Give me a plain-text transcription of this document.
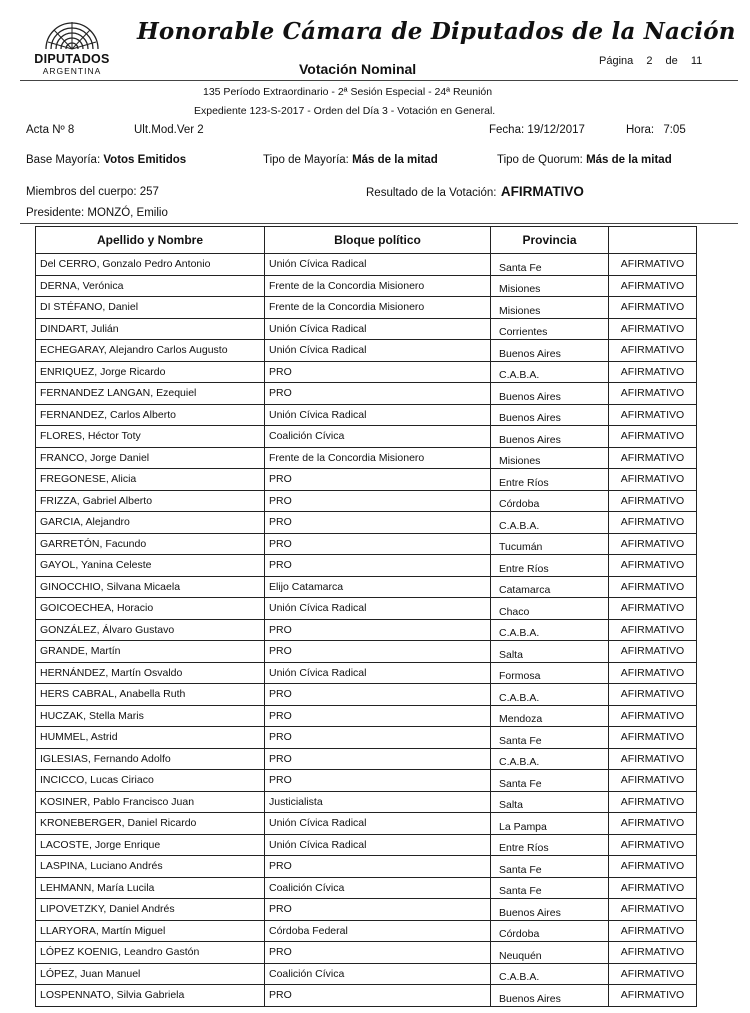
DIPUTADOS
ARGENTINA
Honorable Cámara de Diputados de la Nación
Votación Nominal	Página 2 de 11
135 Período Extraordinario - 2ª Sesión Especial - 24ª Reunión
Expediente 123-S-2017 - Orden del Día 3 - Votación en General.
Acta Nº 8	Ult.Mod.Ver 2	Fecha: 19/12/2017	Hora: 7:05
Base Mayoría: Votos Emitidos	Tipo de Mayoría: Más de la mitad	Tipo de Quorum: Más de la mitad
Miembros del cuerpo: 257	Resultado de la Votación: AFIRMATIVO
Presidente: MONZÓ, Emilio
Apellido y Nombre	Bloque político	Provincia	
Del CERRO, Gonzalo Pedro Antonio	Unión Cívica Radical	Santa Fe	AFIRMATIVO
DERNA, Verónica	Frente de la Concordia Misionero	Misiones	AFIRMATIVO
DI STÉFANO, Daniel	Frente de la Concordia Misionero	Misiones	AFIRMATIVO
DINDART, Julián	Unión Cívica Radical	Corrientes	AFIRMATIVO
ECHEGARAY, Alejandro Carlos Augusto	Unión Cívica Radical	Buenos Aires	AFIRMATIVO
ENRIQUEZ, Jorge Ricardo	PRO	C.A.B.A.	AFIRMATIVO
FERNANDEZ LANGAN, Ezequiel	PRO	Buenos Aires	AFIRMATIVO
FERNANDEZ, Carlos Alberto	Unión Cívica Radical	Buenos Aires	AFIRMATIVO
FLORES, Héctor Toty	Coalición Cívica	Buenos Aires	AFIRMATIVO
FRANCO, Jorge Daniel	Frente de la Concordia Misionero	Misiones	AFIRMATIVO
FREGONESE, Alicia	PRO	Entre Ríos	AFIRMATIVO
FRIZZA, Gabriel Alberto	PRO	Córdoba	AFIRMATIVO
GARCIA, Alejandro	PRO	C.A.B.A.	AFIRMATIVO
GARRETÓN, Facundo	PRO	Tucumán	AFIRMATIVO
GAYOL, Yanina Celeste	PRO	Entre Ríos	AFIRMATIVO
GINOCCHIO, Silvana Micaela	Elijo Catamarca	Catamarca	AFIRMATIVO
GOICOECHEA, Horacio	Unión Cívica Radical	Chaco	AFIRMATIVO
GONZÁLEZ, Álvaro Gustavo	PRO	C.A.B.A.	AFIRMATIVO
GRANDE, Martín	PRO	Salta	AFIRMATIVO
HERNÁNDEZ, Martín Osvaldo	Unión Cívica Radical	Formosa	AFIRMATIVO
HERS CABRAL, Anabella Ruth	PRO	C.A.B.A.	AFIRMATIVO
HUCZAK, Stella Maris	PRO	Mendoza	AFIRMATIVO
HUMMEL, Astrid	PRO	Santa Fe	AFIRMATIVO
IGLESIAS, Fernando Adolfo	PRO	C.A.B.A.	AFIRMATIVO
INCICCO, Lucas Ciriaco	PRO	Santa Fe	AFIRMATIVO
KOSINER, Pablo Francisco Juan	Justicialista	Salta	AFIRMATIVO
KRONEBERGER, Daniel Ricardo	Unión Cívica Radical	La Pampa	AFIRMATIVO
LACOSTE, Jorge Enrique	Unión Cívica Radical	Entre Ríos	AFIRMATIVO
LASPINA, Luciano Andrés	PRO	Santa Fe	AFIRMATIVO
LEHMANN, María Lucila	Coalición Cívica	Santa Fe	AFIRMATIVO
LIPOVETZKY, Daniel Andrés	PRO	Buenos Aires	AFIRMATIVO
LLARYORA, Martín Miguel	Córdoba Federal	Córdoba	AFIRMATIVO
LÓPEZ KOENIG, Leandro Gastón	PRO	Neuquén	AFIRMATIVO
LÓPEZ, Juan Manuel	Coalición Cívica	C.A.B.A.	AFIRMATIVO
LOSPENNATO, Silvia Gabriela	PRO	Buenos Aires	AFIRMATIVO
